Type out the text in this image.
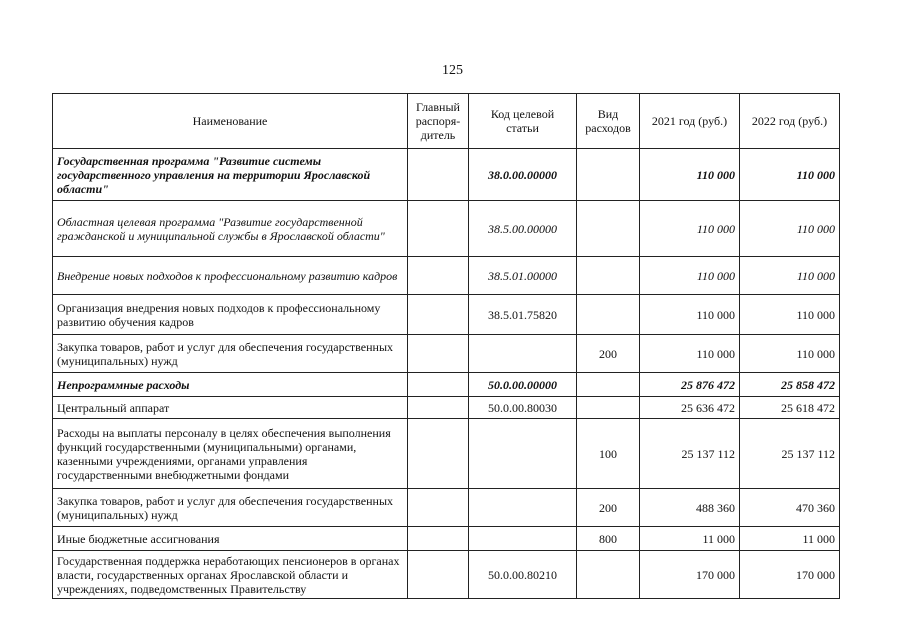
125
Наименование	Главный распоря-дитель	Код целевой статьи	Вид расходов	2021 год (руб.)	2022 год (руб.)
Государственная программа "Развитие системы государственного управления на территории Ярославской области"		38.0.00.00000		110 000	110 000
Областная целевая программа "Развитие государственной гражданской и муниципальной службы в Ярославской области"		38.5.00.00000		110 000	110 000
Внедрение новых подходов к профессиональному развитию кадров		38.5.01.00000		110 000	110 000
Организация внедрения новых подходов к профессиональному развитию обучения кадров		38.5.01.75820		110 000	110 000
Закупка товаров, работ и услуг для обеспечения государственных (муниципальных) нужд			200	110 000	110 000
Непрограммные расходы		50.0.00.00000		25 876 472	25 858 472
Центральный аппарат		50.0.00.80030		25 636 472	25 618 472
Расходы на выплаты персоналу в целях обеспечения выполнения функций государственными (муниципальными) органами, казенными учреждениями, органами управления государственными внебюджетными фондами			100	25 137 112	25 137 112
Закупка товаров, работ и услуг для обеспечения государственных (муниципальных) нужд			200	488 360	470 360
Иные бюджетные ассигнования			800	11 000	11 000
Государственная поддержка неработающих пенсионеров в органах власти, государственных органах Ярославской области и учреждениях, подведомственных Правительству		50.0.00.80210		170 000	170 000
